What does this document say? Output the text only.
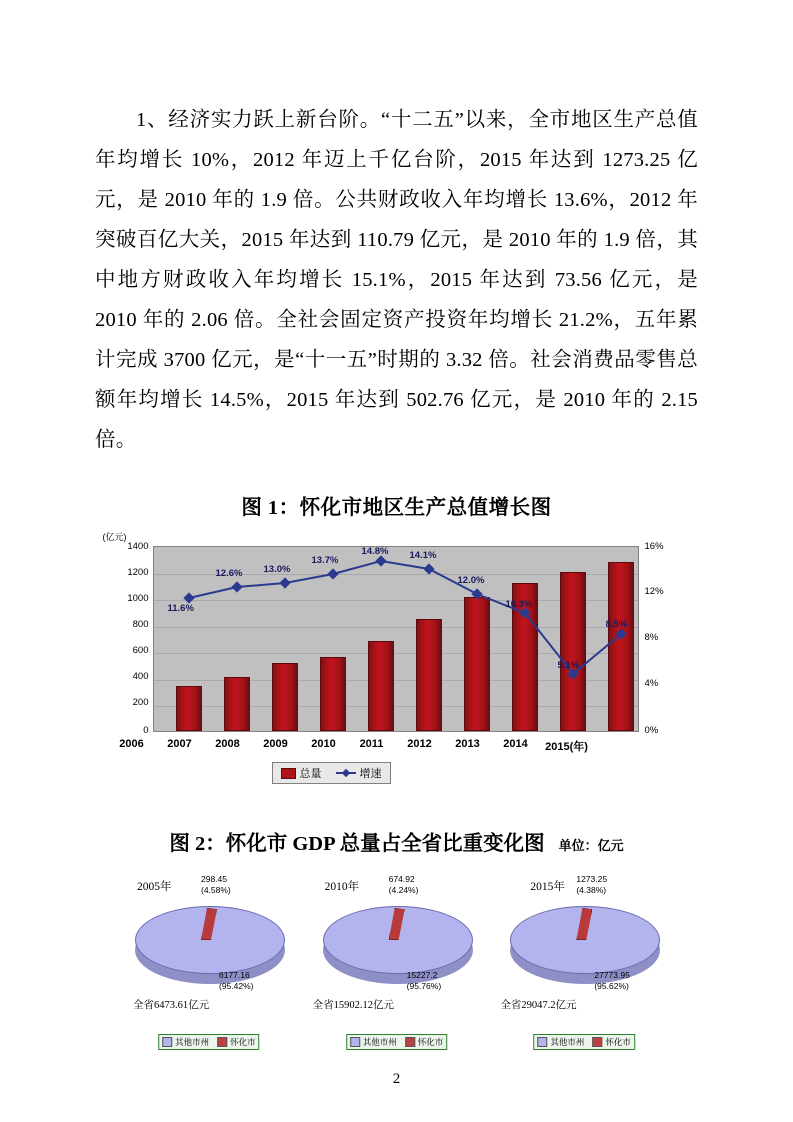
1、经济实力跃上新台阶。“十二五”以来，全市地区生产总值年均增长 10%，2012 年迈上千亿台阶，2015 年达到 1273.25 亿元，是 2010 年的 1.9 倍。公共财政收入年均增长 13.6%，2012 年突破百亿大关，2015 年达到 110.79 亿元，是 2010 年的 1.9 倍，其中地方财政收入年均增长 15.1%，2015 年达到 73.56 亿元，是 2010 年的 2.06 倍。全社会固定资产投资年均增长 21.2%，五年累计完成 3700 亿元，是“十一五”时期的 3.32 倍。社会消费品零售总额年均增长 14.5%，2015 年达到 502.76 亿元，是 2010 年的 2.15 倍。

图 1：怀化市地区生产总值增长图
(亿元)
1400
1200
1000
800
600
400
200
0
16%
12%
8%
4%
0%
11.6%
12.6% 13.0%
13.7%
14.8% 14.1%
12.0%
10.3%
5.1%
8.5%
2006	2007	2008	2009	2010	2011	2012	2013	2014	2015(年)
总量	增速
图 2：怀化市 GDP 总量占全省比重变化图 单位：亿元
2005年
298.45
(4.58%)
6177.16
(95.42%)
全省6473.61亿元
其他市州 怀化市
2010年
674.92
(4.24%)
15227.2
(95.76%)
全省15902.12亿元
其他市州 怀化市
2015年
1273.25
(4.38%)
27773.95
(95.62%)
全省29047.2亿元
其他市州 怀化市
2
